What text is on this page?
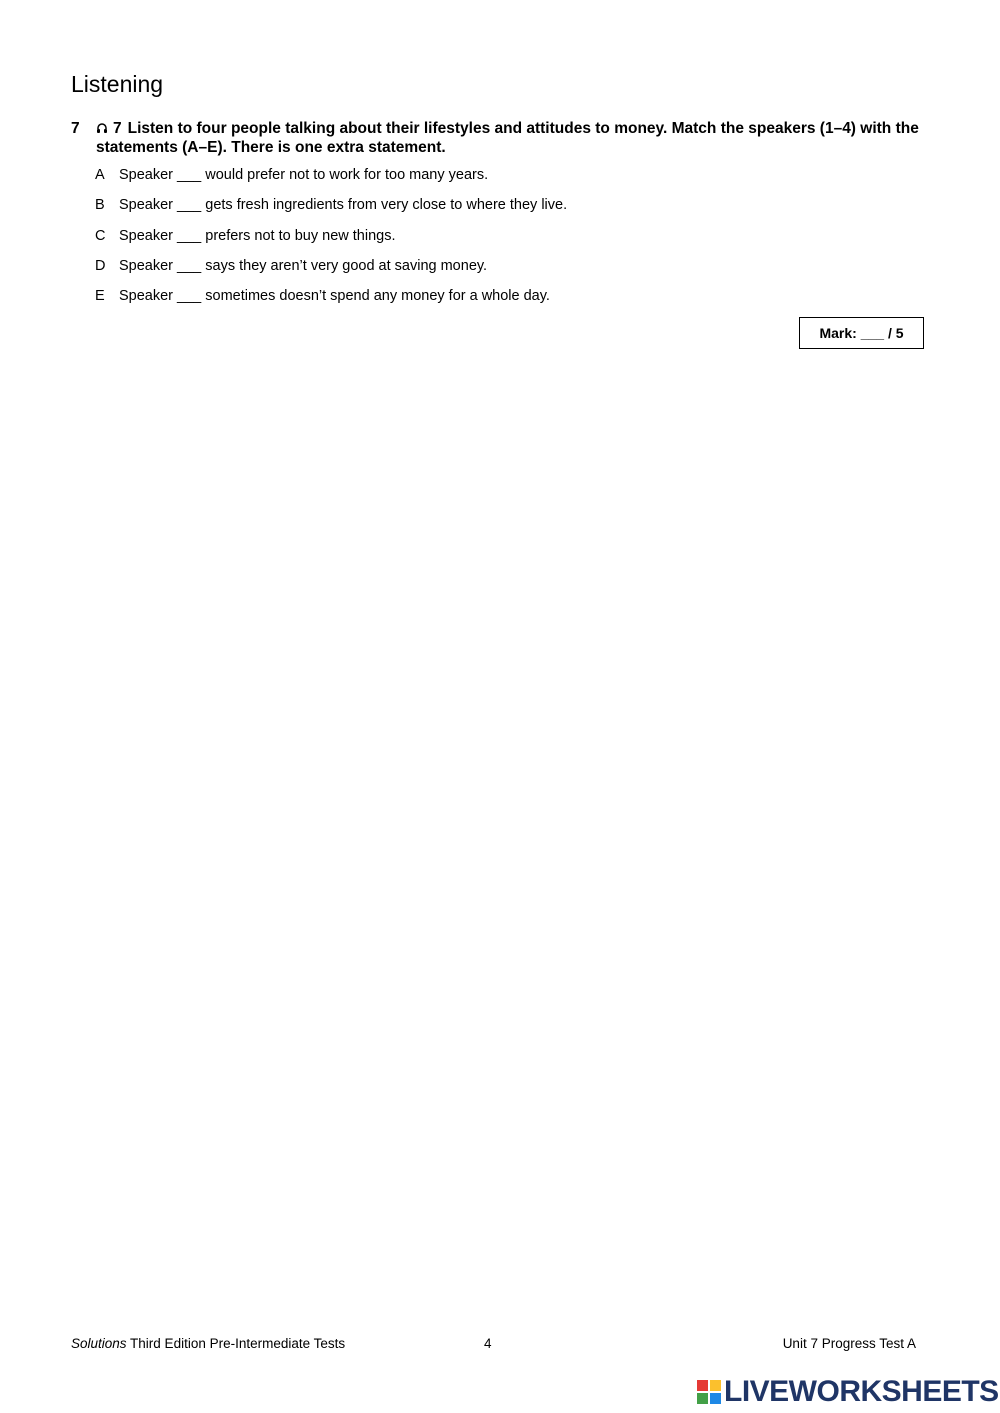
Listening
7	7 Listen to four people talking about their lifestyles and attitudes to money. Match the speakers (1–4) with the statements (A–E). There is one extra statement.
A Speaker ___ would prefer not to work for too many years.
B Speaker ___ gets fresh ingredients from very close to where they live.
C Speaker ___ prefers not to buy new things.
D Speaker ___ says they aren’t very good at saving money.
E Speaker ___ sometimes doesn’t spend any money for a whole day.
Mark: ___ / 5
Solutions Third Edition Pre-Intermediate Tests	4	Unit 7 Progress Test A
LIVEWORKSHEETS
